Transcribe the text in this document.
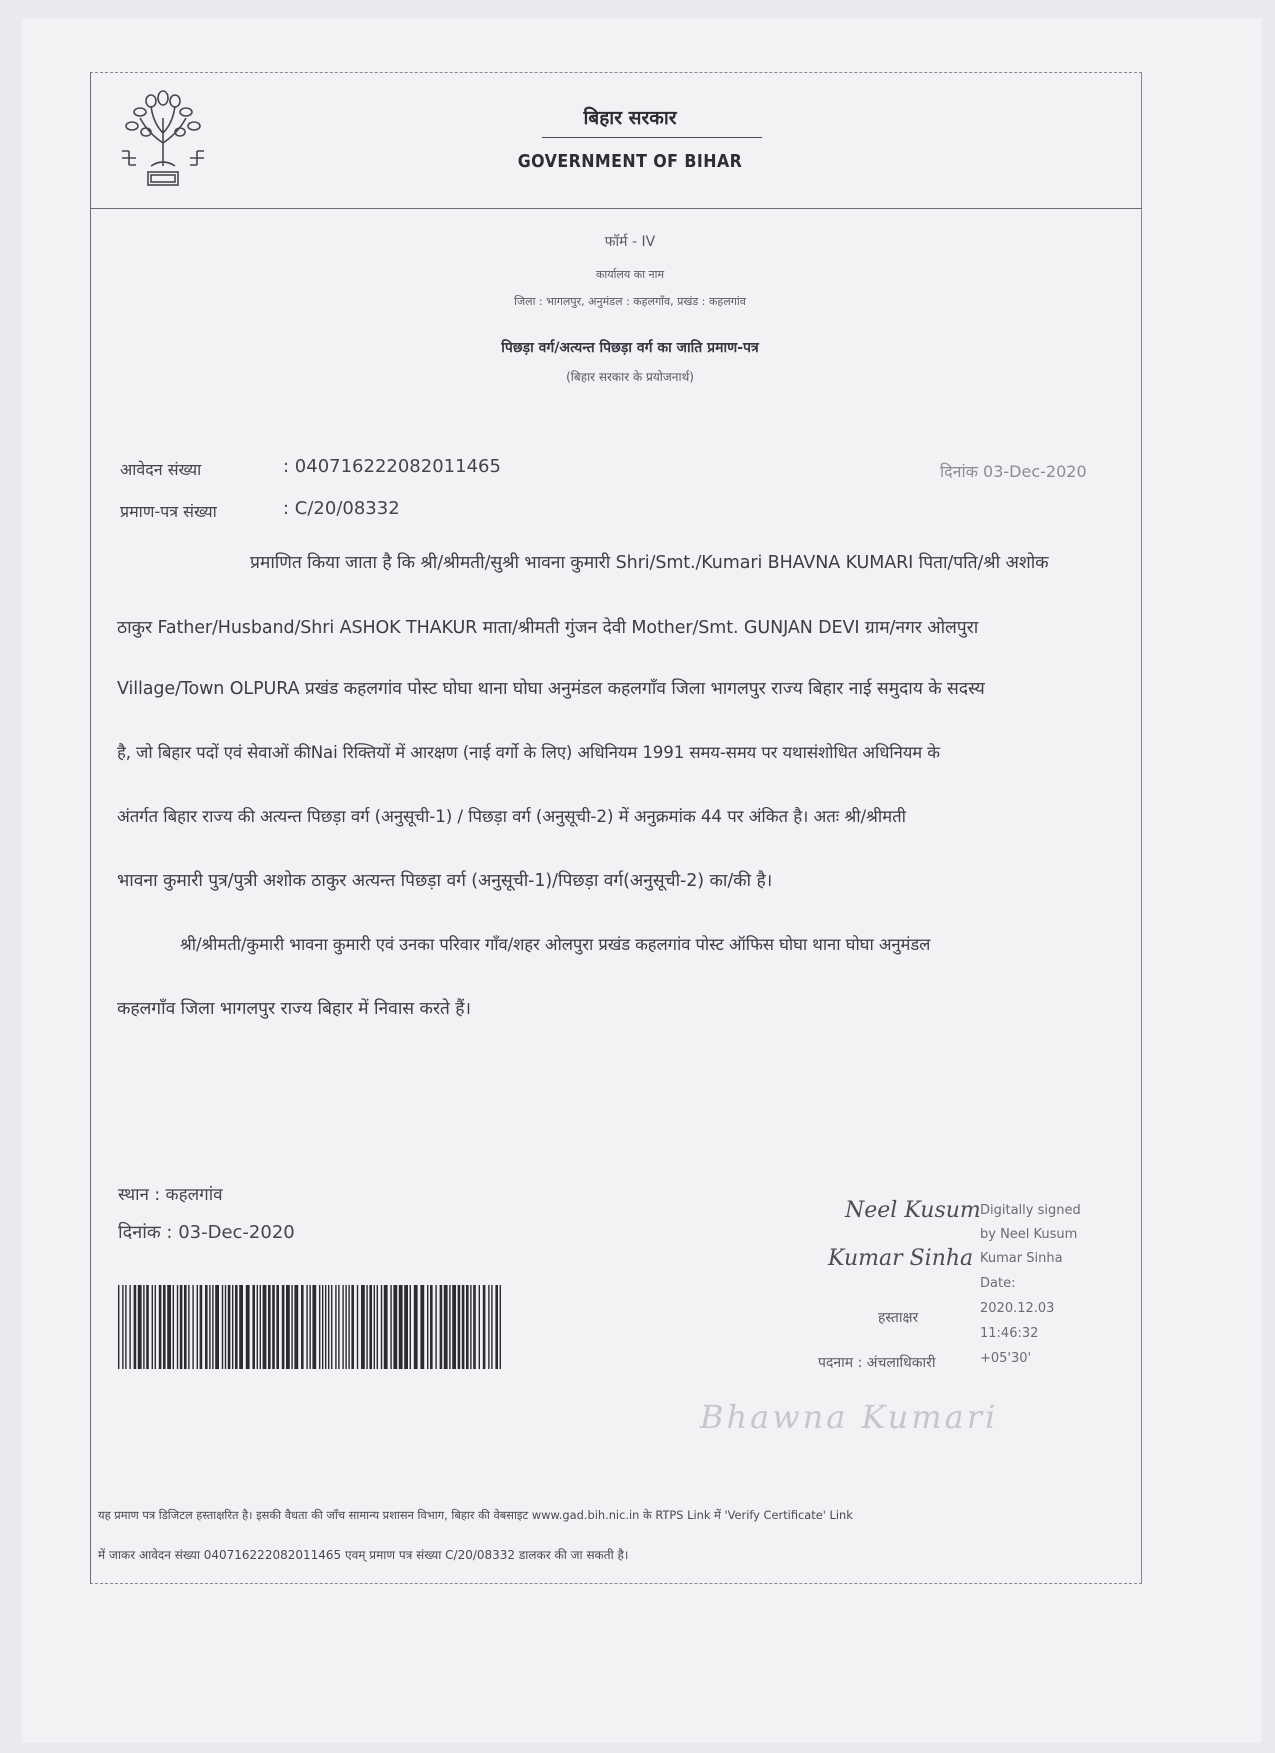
बिहार सरकार
GOVERNMENT OF BIHAR
फॉर्म - IV
कार्यालय का नाम
जिला : भागलपुर, अनुमंडल : कहलगाँव, प्रखंड : कहलगांव
पिछड़ा वर्ग/अत्यन्त पिछड़ा वर्ग का जाति प्रमाण-पत्र
(बिहार सरकार के प्रयोजनार्थ)
आवेदन संख्या	: 040716222082011465	दिनांक 03-Dec-2020
प्रमाण-पत्र संख्या	: C/20/08332
प्रमाणित किया जाता है कि श्री/श्रीमती/सुश्री भावना कुमारी Shri/Smt./Kumari BHAVNA KUMARI पिता/पति/श्री अशोक
ठाकुर Father/Husband/Shri ASHOK THAKUR माता/श्रीमती गुंजन देवी Mother/Smt. GUNJAN DEVI ग्राम/नगर ओलपुरा
Village/Town OLPURA प्रखंड कहलगांव पोस्ट घोघा थाना घोघा अनुमंडल कहलगाँव जिला भागलपुर राज्य बिहार नाई समुदाय के सदस्य
है, जो बिहार पदों एवं सेवाओं कीNai रिक्तियों में आरक्षण (नाई वर्गो के लिए) अधिनियम 1991 समय-समय पर यथासंशोधित अधिनियम के
अंतर्गत बिहार राज्य की अत्यन्त पिछड़ा वर्ग (अनुसूची-1) / पिछड़ा वर्ग (अनुसूची-2) में अनुक्रमांक 44 पर अंकित है। अतः श्री/श्रीमती
भावना कुमारी पुत्र/पुत्री अशोक ठाकुर अत्यन्त पिछड़ा वर्ग (अनुसूची-1)/पिछड़ा वर्ग(अनुसूची-2) का/की है।
श्री/श्रीमती/कुमारी भावना कुमारी एवं उनका परिवार गाँव/शहर ओलपुरा प्रखंड कहलगांव पोस्ट ऑफिस घोघा थाना घोघा अनुमंडल
कहलगाँव जिला भागलपुर राज्य बिहार में निवास करते हैं।
स्थान : कहलगांव
दिनांक : 03-Dec-2020
Neel Kusum
Kumar Sinha
Digitally signed
by Neel Kusum
Kumar Sinha
Date:
2020.12.03
11:46:32
+05'30'
हस्ताक्षर
पदनाम : अंचलाधिकारी
Bhawna Kumari
यह प्रमाण पत्र डिजिटल हस्ताक्षरित है। इसकी वैधता की जाँच सामान्य प्रशासन विभाग, बिहार की वेबसाइट www.gad.bih.nic.in के RTPS Link में 'Verify Certificate' Link
में जाकर आवेदन संख्या 040716222082011465 एवम् प्रमाण पत्र संख्या C/20/08332 डालकर की जा सकती है।
